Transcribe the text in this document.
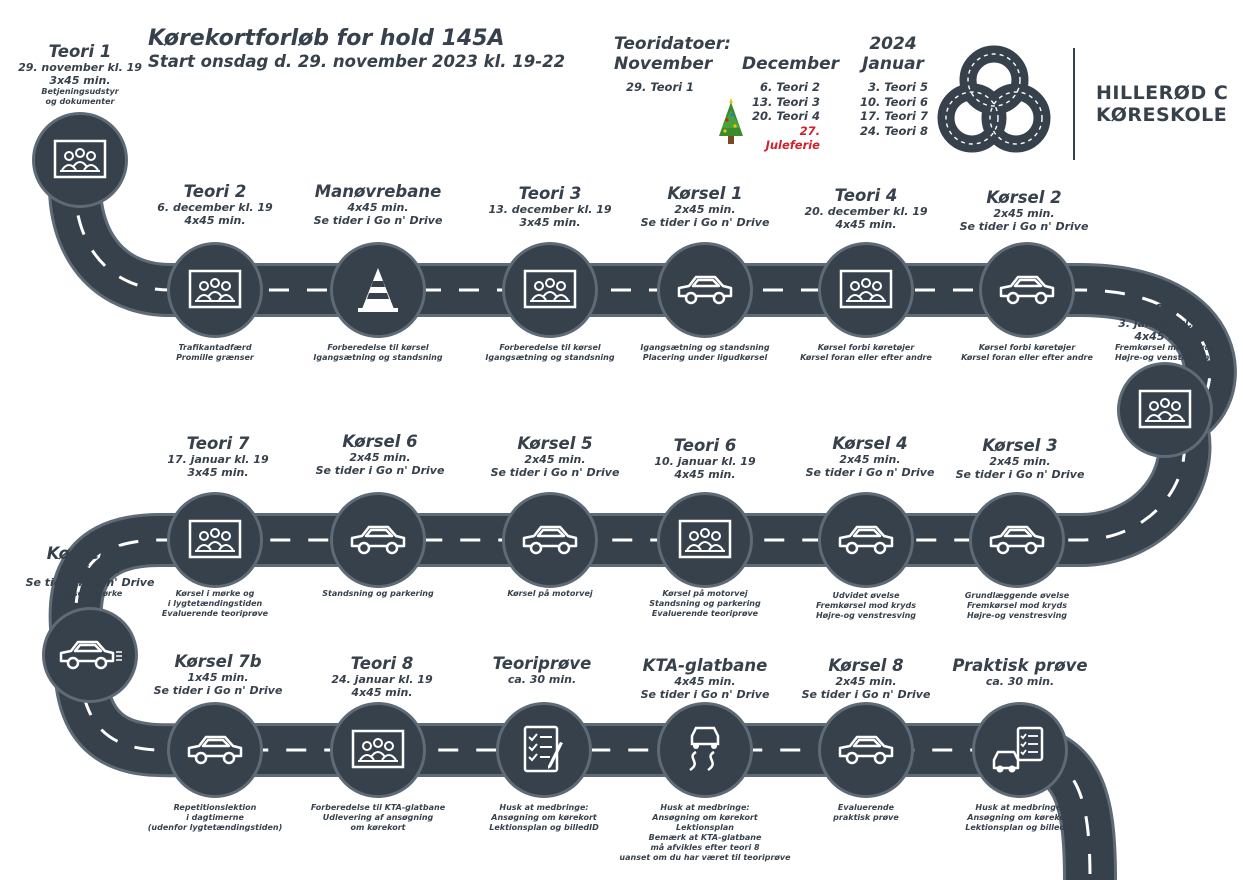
Kørekortforløb for hold 145A
Start onsdag d. 29. november 2023 kl. 19-22
Teoridatoer:
November
29. Teori 1
December
6. Teori 2
13. Teori 3
20. Teori 4
27. Juleferie
2024
Januar
3. Teori 5
10. Teori 6
17. Teori 7
24. Teori 8
HILLERØD C
KØRESKOLE
Teori 1
29. november kl. 19
3x45 min.
Betjeningsudstyr
og dokumenter
Teori 2
6. december kl. 19
4x45 min.
Trafikantadfærd
Promille grænser
Manøvrebane
4x45 min.
Se tider i Go n' Drive
Forberedelse til kørsel
Igangsætning og standsning
Teori 3
13. december kl. 19
3x45 min.
Forberedelse til kørsel
Igangsætning og standsning
Kørsel 1
2x45 min.
Se tider i Go n' Drive
Igangsætning og standsning
Placering under ligudkørsel
Teori 4
20. december kl. 19
4x45 min.
Kørsel forbi køretøjer
Kørsel foran eller efter andre
Kørsel 2
2x45 min.
Se tider i Go n' Drive
Kørsel forbi køretøjer
Kørsel foran eller efter andre
Teori 5
3. januar kl. 19
4x45 min.
Fremkørsel mod kryds
Højre-og venstresving
Kørsel 3
2x45 min.
Se tider i Go n' Drive
Grundlæggende øvelse
Fremkørsel mod kryds
Højre-og venstresving
Kørsel 4
2x45 min.
Se tider i Go n' Drive
Udvidet øvelse
Fremkørsel mod kryds
Højre-og venstresving
Teori 6
10. januar kl. 19
4x45 min.
Kørsel på motorvej
Standsning og parkering
Evaluerende teoriprøve
Kørsel 5
2x45 min.
Se tider i Go n' Drive
Kørsel på motorvej
Kørsel 6
2x45 min.
Se tider i Go n' Drive
Standsning og parkering
Teori 7
17. januar kl. 19
3x45 min.
Kørsel i mørke og
i lygtetændingstiden
Evaluerende teoriprøve
Kørsel 7a
1x45 min.
Se tider i Go n' Drive
Kørsel i mørke
Kørsel 7b
1x45 min.
Se tider i Go n' Drive
Repetitionslektion
i dagtimerne
(udenfor lygtetændingstiden)
Teori 8
24. januar kl. 19
4x45 min.
Forberedelse til KTA-glatbane
Udlevering af ansøgning
om kørekort
Teoriprøve
ca. 30 min.
Husk at medbringe:
Ansøgning om kørekort
Lektionsplan og billedID
KTA-glatbane
4x45 min.
Se tider i Go n' Drive
Husk at medbringe:
Ansøgning om kørekort
Lektionsplan
Bemærk at KTA-glatbane
må afvikles efter teori 8
uanset om du har været til teoriprøve
Kørsel 8
2x45 min.
Se tider i Go n' Drive
Evaluerende
praktisk prøve
Praktisk prøve
ca. 30 min.
Husk at medbringe:
Ansøgning om kørekort
Lektionsplan og billedID
